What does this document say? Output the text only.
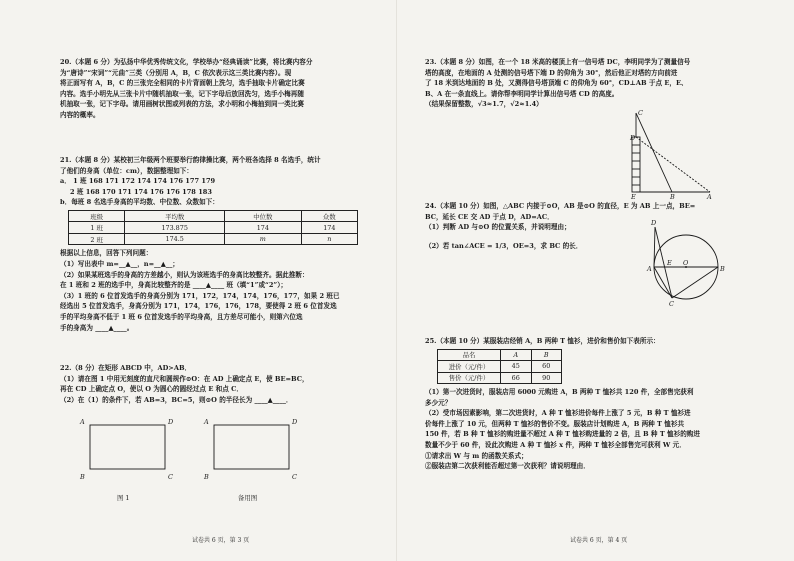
20.（本题 6 分）为弘扬中华优秀传统文化，学校举办“经典诵读”比赛，将比赛内容分

为“唐诗”“宋词”“元曲”三类（分别用 A，B，C 依次表示这三类比赛内容）。现

将正面写有 A，B，C 的三张完全相同的卡片背面朝上洗匀，选手抽取卡片确定比赛

内容。选手小明先从三张卡片中随机抽取一张，记下字母后放回洗匀，选手小梅再随

机抽取一张，记下字母。请用画树状图或列表的方法，求小明和小梅抽到同一类比赛

内容的概率。

21.（本题 8 分）某校初三年级两个班要举行韵律操比赛，两个班各选择 8 名选手，统计

了他们的身高（单位：cm），数据整理如下：

a． 1 班 168 171 172 174 174 176 177 179

2 班 168 170 171 174 176 176 178 183

b．每班 8 名选手身高的平均数、中位数、众数如下：

班级	平均数	中位数	众数
1 班	173.875	174	174
2 班	174.5	m	n

根据以上信息，回答下列问题：

（1）写出表中 m=__▲__，n=__▲__；

（2）如果某班选手的身高的方差越小，则认为该班选手的身高比较整齐。据此推断：

在 1 班和 2 班的选手中，身高比较整齐的是 ____▲____ 班（填“1”或“2”）；

（3）1 班的 6 位首发选手的身高分别为 171，172，174，174，176，177，如果 2 班已

经选出 5 位首发选手，身高分别为 171，174，176，176，178，要使得 2 班 6 位首发选

手的平均身高不低于 1 班 6 位首发选手的平均身高，且方差尽可能小，则第六位选

手的身高为 ____▲____。

22.（8 分）在矩形 ABCD 中，AD>AB．

（1）请在图 1 中用无刻度的直尺和圆规作⊙O：在 AD 上确定点 E，使 BE=BC，

再在 CD 上确定点 O，使以 O 为圆心的圆经过点 E 和点 C．

（2）在（1）的条件下，若 AB=3，BC=5，则⊙O 的半径长为 ____▲____．

A	D
B	C
图 1
A	D
B	C
备用图
试卷共 6 页，第 3 页

23.（本题 8 分）如图，在一个 18 米高的楼顶上有一信号塔 DC，李明同学为了测量信号

塔的高度，在地面的 A 处测的信号塔下端 D 的仰角为 30°，然后他正对塔的方向前进

了 18 米到达地面的 B 处，又测得信号塔顶端 C 的仰角为 60°，CD⊥AB 于点 E，E、

B、A 在一条直线上。请你帮李明同学计算出信号塔 CD 的高度。

（结果保留整数，√3≈1.7，√2≈1.4）

C
D
E	B	A

24.（本题 10 分）如图，△ABC 内接于⊙O，AB 是⊙O 的直径，E 为 AB 上一点，BE=

BC，延长 CE 交 AD 于点 D，AD=AC．

（1）判断 AD 与⊙O 的位置关系，并说明理由；

（2）若 tan∠ACE = 1/3，OE=3，求 BC 的长．

D
A
E O
B
C

25.（本题 10 分）某服装店经销 A，B 两种 T 恤衫，进价和售价如下表所示：

品名	A	B
进价（元/件）	45	60
售价（元/件）	66	90

（1）第一次进货时，服装店用 6000 元购进 A，B 两种 T 恤衫共 120 件，全部售完获利

多少元？

（2）受市场因素影响，第二次进货时，A 种 T 恤衫进价每件上涨了 5 元，B 种 T 恤衫进

价每件上涨了 10 元，但两种 T 恤衫的售价不变。服装店计划购进 A，B 两种 T 恤衫共

150 件，若 B 种 T 恤衫的购进量不超过 A 种 T 恤衫购进量的 2 倍，且 B 种 T 恤衫的购进

数量不少于 60 件，设此次购进 A 种 T 恤衫 x 件，两种 T 恤衫全部售完可获利 W 元．

①请求出 W 与 m 的函数关系式；

②服装店第二次获利能否超过第一次获利？请说明理由．

试卷共 6 页，第 4 页
